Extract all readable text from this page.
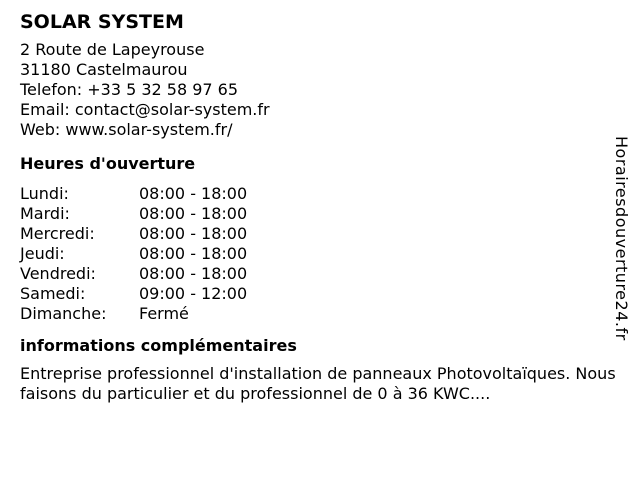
SOLAR SYSTEM
2 Route de Lapeyrouse
31180 Castelmaurou
Telefon: +33 5 32 58 97 65
Email: contact@solar-system.fr
Web: www.solar-system.fr/
Heures d'ouverture
Lundi:	08:00 - 18:00
Mardi:	08:00 - 18:00
Mercredi:	08:00 - 18:00
Jeudi:	08:00 - 18:00
Vendredi:	08:00 - 18:00
Samedi:	09:00 - 12:00
Dimanche:	Fermé
informations complémentaires
Entreprise professionnel d'installation de panneaux Photovoltaïques. Nous faisons du particulier et du professionnel de 0 à 36 KWC....
Horairesdouverture24.fr
